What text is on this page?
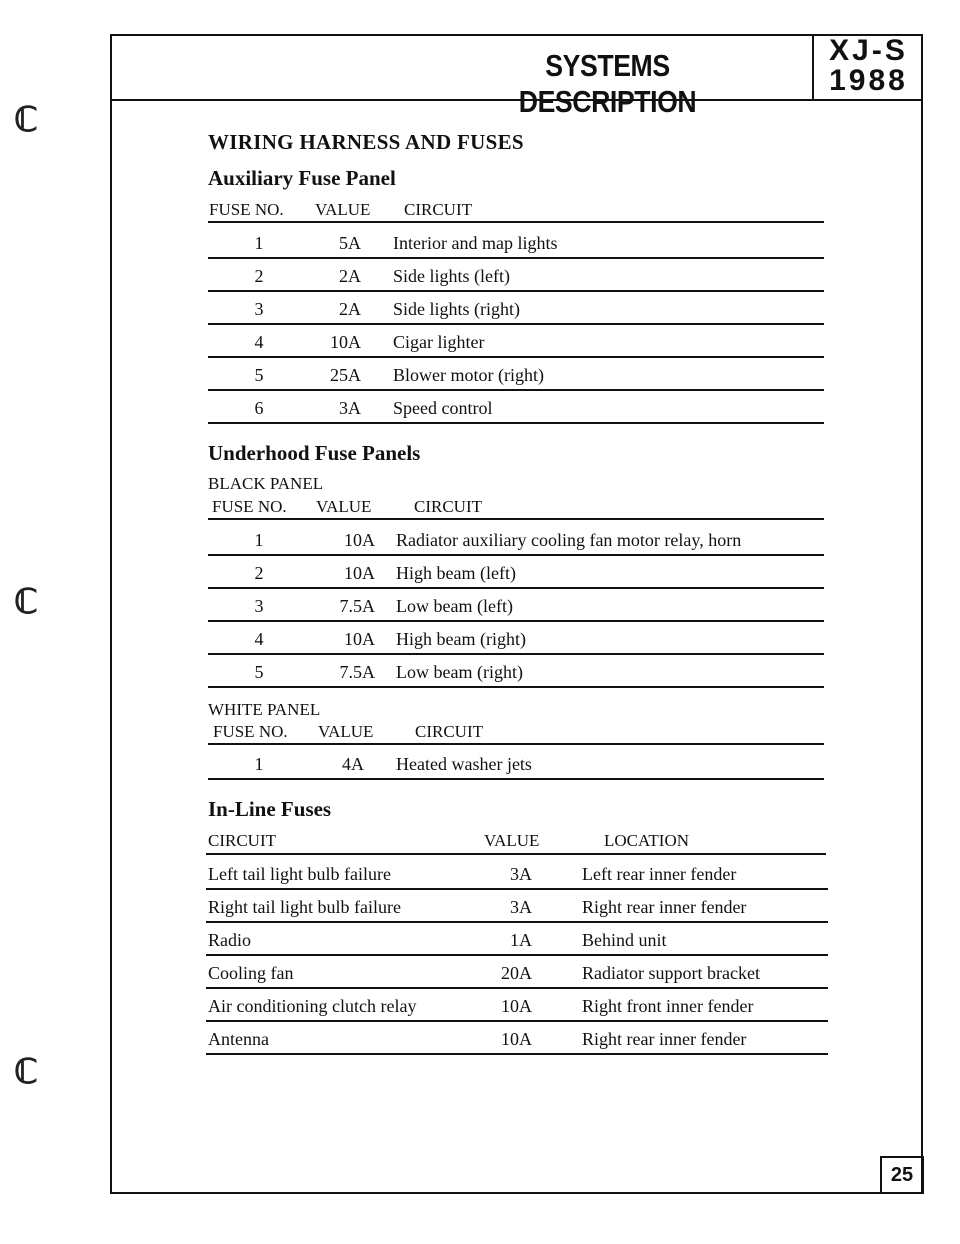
SYSTEMS DESCRIPTION
XJ-S
1988
ℂ
ℂ
ℂ
WIRING HARNESS AND FUSES
Auxiliary Fuse Panel
FUSE NO. VALUE CIRCUIT
1	5A Interior and map lights
2	2A Side lights (left)
3	2A Side lights (right)
4	10A Cigar lighter
5	25A Blower motor (right)
6	3A Speed control
Underhood Fuse Panels
BLACK PANEL
FUSE NO. VALUE	CIRCUIT
1	10A Radiator auxiliary cooling fan motor relay, horn
2	10A High beam (left)
3	7.5A Low beam (left)
4	10A High beam (right)
5	7.5A Low beam (right)
WHITE PANEL
FUSE NO. VALUE CIRCUIT
1	4A Heated washer jets
In-Line Fuses
CIRCUIT	VALUE	LOCATION
Left tail light bulb failure	3A	Left rear inner fender
Right tail light bulb failure	3A	Right rear inner fender
Radio	1A	Behind unit
Cooling fan	20A	Radiator support bracket
Air conditioning clutch relay	10A	Right front inner fender
Antenna	10A	Right rear inner fender
25
